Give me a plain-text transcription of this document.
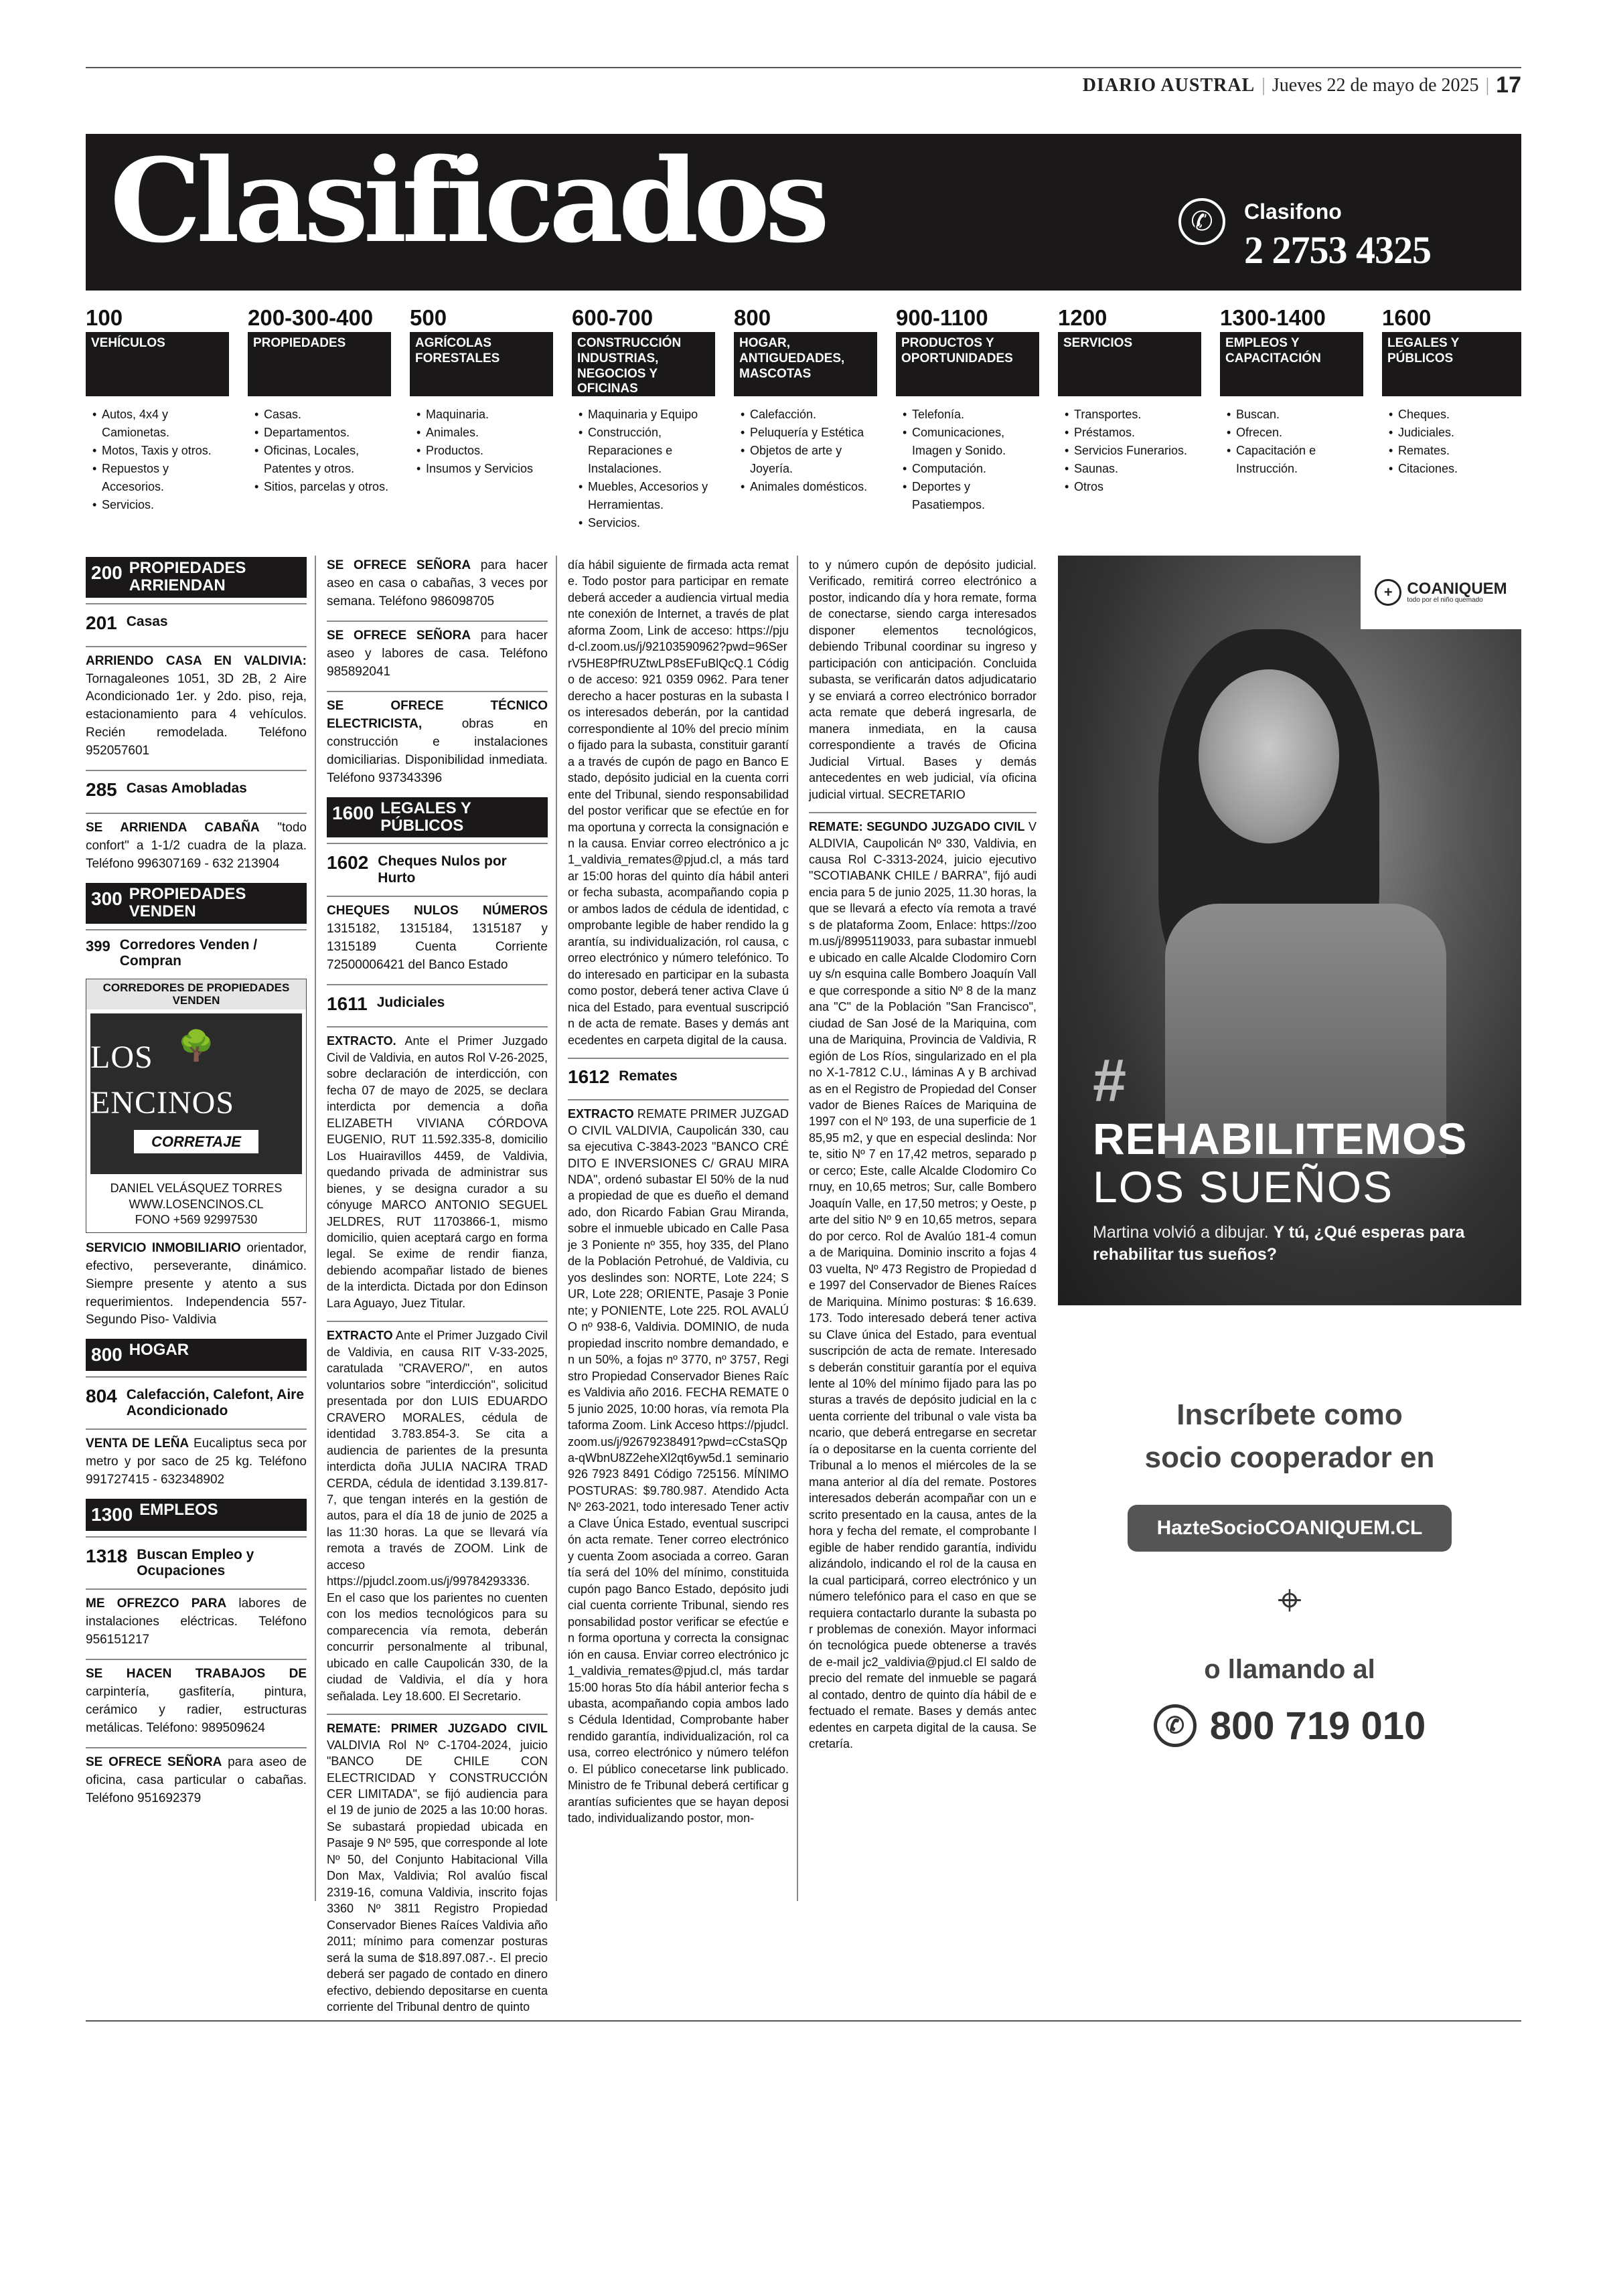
DIARIO AUSTRAL | Jueves 22 de mayo de 2025 | 17
Clasificados	✆	Clasifono
2 2753 4325
100
VEHÍCULOS
• Autos, 4x4 y Camionetas.
• Motos, Taxis y otros.
• Repuestos y Accesorios.
• Servicios.
200-300-400
PROPIEDADES
• Casas.
• Departamentos.
• Oficinas, Locales, Patentes y otros.
• Sitios, parcelas y otros.
500
AGRÍCOLAS FORESTALES
• Maquinaria.
• Animales.
• Productos.
• Insumos y Servicios
600-700
CONSTRUCCIÓN INDUSTRIAS, NEGOCIOS Y OFICINAS
• Maquinaria y Equipo
• Construcción, Reparaciones e Instalaciones.
• Muebles, Accesorios y Herramientas.
• Servicios.
800
HOGAR, ANTIGUEDADES, MASCOTAS
• Calefacción.
• Peluquería y Estética
• Objetos de arte y Joyería.
• Animales domésticos.
900-1100
PRODUCTOS Y OPORTUNIDADES
• Telefonía.
• Comunicaciones, Imagen y Sonido.
• Computación.
• Deportes y Pasatiempos.
1200
SERVICIOS
• Transportes.
• Préstamos.
• Servicios Funerarios.
• Saunas.
• Otros
1300-1400
EMPLEOS Y CAPACITACIÓN
• Buscan.
• Ofrecen.
• Capacitación e Instrucción.
1600
LEGALES Y PÚBLICOS
• Cheques.
• Judiciales.
• Remates.
• Citaciones.
200 PROPIEDADES ARRIENDAN
201 Casas

ARRIENDO CASA EN VALDIVIA: Tornagaleones 1051, 3D 2B, 2 Aire Acondicionado 1er. y 2do. piso, reja, estacionamiento para 4 vehículos. Recién remodelada. Teléfono 952057601

285 Casas Amobladas

SE ARRIENDA CABAÑA "todo confort" a 1-1/2 cuadra de la plaza. Teléfono 996307169 - 632 213904

300 PROPIEDADES VENDEN
399 Corredores Venden / Compran
CORREDORES DE PROPIEDADES VENDEN
🌳
LOS ENCINOS
CORRETAJE
DANIEL VELÁSQUEZ TORRES
WWW.LOSENCINOS.CL
FONO +569 92997530

SERVICIO INMOBILIARIO orientador, efectivo, perseverante, dinámico. Siempre presente y atento a sus requerimientos. Independencia 557- Segundo Piso- Valdivia

800 HOGAR
804 Calefacción, Calefont, Aire Acondicionado

VENTA DE LEÑA Eucaliptus seca por metro y por saco de 25 kg. Teléfono 991727415 - 632348902

1300 EMPLEOS
1318 Buscan Empleo y Ocupaciones

ME OFREZCO PARA labores de instalaciones eléctricas. Teléfono 956151217

SE HACEN TRABAJOS DE carpintería, gasfitería, pintura, cerámico y radier, estructuras metálicas. Teléfono: 989509624

SE OFRECE SEÑORA para aseo de oficina, casa particular o cabañas. Teléfono 951692379

SE OFRECE SEÑORA para hacer aseo en casa o cabañas, 3 veces por semana. Teléfono 986098705

SE OFRECE SEÑORA para hacer aseo y labores de casa. Teléfono 985892041

SE OFRECE TÉCNICO ELECTRICISTA, obras en construcción e instalaciones domiciliarias. Disponibilidad inmediata. Teléfono 937343396

1600 LEGALES Y PÚBLICOS
1602 Cheques Nulos por Hurto

CHEQUES NULOS NÚMEROS 1315182, 1315184, 1315187 y 1315189 Cuenta Corriente 72500006421 del Banco Estado

1611 Judiciales

EXTRACTO. Ante el Primer Juzgado Civil de Valdivia, en autos Rol V-26-2025, sobre declaración de interdicción, con fecha 07 de mayo de 2025, se declara interdicta por demencia a doña ELIZABETH VIVIANA CÓRDOVA EUGENIO, RUT 11.592.335-8, domicilio Los Huairavillos 4459, de Valdivia, quedando privada de administrar sus bienes, y se designa curador a su cónyuge MARCO ANTONIO SEGUEL JELDRES, RUT 11703866-1, mismo domicilio, quien aceptará cargo en forma legal. Se exime de rendir fianza, debiendo acompañar listado de bienes de la interdicta. Dictada por don Edinson Lara Aguayo, Juez Titular.

EXTRACTO Ante el Primer Juzgado Civil de Valdivia, en causa RIT V-33-2025, caratulada "CRAVERO/", en autos voluntarios sobre "interdicción", solicitud presentada por don LUIS EDUARDO CRAVERO MORALES, cédula de identidad 3.783.854-3. Se cita a audiencia de parientes de la presunta interdicta doña JULIA NACIRA TRAD CERDA, cédula de identidad 3.139.817-7, que tengan interés en la gestión de autos, para el día 18 de junio de 2025 a las 11:30 horas. La que se llevará vía remota a través de ZOOM. Link de acceso https://pjudcl.zoom.us/j/99784293336. En el caso que los parientes no cuenten con los medios tecnológicos para su comparecencia vía remota, deberán concurrir personalmente al tribunal, ubicado en calle Caupolicán 330, de la ciudad de Valdivia, el día y hora señalada. Ley 18.600. El Secretario.

REMATE: PRIMER JUZGADO CIVIL VALDIVIA Rol Nº C-1704-2024, juicio "BANCO DE CHILE CON ELECTRICIDAD Y CONSTRUCCIÓN CER LIMITADA", se fijó audiencia para el 19 de junio de 2025 a las 10:00 horas. Se subastará propiedad ubicada en Pasaje 9 Nº 595, que corresponde al lote Nº 50, del Conjunto Habitacional Villa Don Max, Valdivia; Rol avalúo fiscal 2319-16, comuna Valdivia, inscrito fojas 3360 Nº 3811 Registro Propiedad Conservador Bienes Raíces Valdivia año 2011; mínimo para comenzar posturas será la suma de $18.897.087.-. El precio deberá ser pagado de contado en dinero efectivo, debiendo depositarse en cuenta corriente del Tribunal dentro de quinto

día hábil siguiente de firmada acta remate. Todo postor para participar en remate deberá acceder a audiencia virtual mediante conexión de Internet, a través de plataforma Zoom, Link de acceso: https://pjud-cl.zoom.us/j/92103590962?pwd=96SerrV5HE8PfRUZtwLP8sEFuBlQcQ.1 Código de acceso: 921 0359 0962. Para tener derecho a hacer posturas en la subasta los interesados deberán, por la cantidad correspondiente al 10% del precio mínimo fijado para la subasta, constituir garantía a través de cupón de pago en Banco Estado, depósito judicial en la cuenta corriente del Tribunal, siendo responsabilidad del postor verificar que se efectúe en forma oportuna y correcta la consignación en la causa. Enviar correo electrónico a jc1_valdivia_remates@pjud.cl, a más tardar 15:00 horas del quinto día hábil anterior fecha subasta, acompañando copia por ambos lados de cédula de identidad, comprobante legible de haber rendido la garantía, su individualización, rol causa, correo electrónico y número telefónico. Todo interesado en participar en la subasta como postor, deberá tener activa Clave única del Estado, para eventual suscripción de acta de remate. Bases y demás antecedentes en carpeta digital de la causa.

1612 Remates

EXTRACTO REMATE PRIMER JUZGADO CIVIL VALDIVIA, Caupolicán 330, causa ejecutiva C-3843-2023 "BANCO CRÉDITO E INVERSIONES C/ GRAU MIRANDA", ordenó subastar El 50% de la nuda propiedad de que es dueño el demandado, don Ricardo Fabian Grau Miranda, sobre el inmueble ubicado en Calle Pasaje 3 Poniente nº 355, hoy 335, del Plano de la Población Petrohué, de Valdivia, cuyos deslindes son: NORTE, Lote 224; SUR, Lote 228; ORIENTE, Pasaje 3 Poniente; y PONIENTE, Lote 225. ROL AVALÚO nº 938-6, Valdivia. DOMINIO, de nuda propiedad inscrito nombre demandado, en un 50%, a fojas nº 3770, nº 3757, Registro Propiedad Conservador Bienes Raíces Valdivia año 2016. FECHA REMATE 05 junio 2025, 10:00 horas, vía remota Plataforma Zoom. Link Acceso https://pjudcl.zoom.us/j/92679238491?pwd=cCstaSQpa-qWbnU8Z2eheXl2qt6yw5d.1 seminario 926 7923 8491 Código 725156. MÍNIMO POSTURAS: $9.780.987. Atendido Acta Nº 263-2021, todo interesado Tener activa Clave Única Estado, eventual suscripción acta remate. Tener correo electrónico y cuenta Zoom asociada a correo. Garantía será del 10% del mínimo, constituida cupón pago Banco Estado, depósito judicial cuenta corriente Tribunal, siendo responsabilidad postor verificar se efectúe en forma oportuna y correcta la consignación en causa. Enviar correo electrónico jc1_valdivia_remates@pjud.cl, más tardar 15:00 horas 5to día hábil anterior fecha subasta, acompañando copia ambos lados Cédula Identidad, Comprobante haber rendido garantía, individualización, rol causa, correo electrónico y número teléfono. El público conecetarse link publicado. Ministro de fe Tribunal deberá certificar garantías suficientes que se hayan depositado, individualizando postor, mon-

to y número cupón de depósito judicial. Verificado, remitirá correo electrónico a postor, indicando día y hora remate, forma de conectarse, siendo carga interesados disponer elementos tecnológicos, debiendo Tribunal coordinar su ingreso y participación con anticipación. Concluida subasta, se verificarán datos adjudicatario y se enviará a correo electrónico borrador acta remate que deberá ingresarla, de manera inmediata, en la causa correspondiente a través de Oficina Judicial Virtual. Bases y demás antecedentes en web judicial, vía oficina judicial virtual. SECRETARIO

REMATE: SEGUNDO JUZGADO CIVIL VALDIVIA, Caupolicán Nº 330, Valdivia, en causa Rol C-3313-2024, juicio ejecutivo "SCOTIABANK CHILE / BARRA", fijó audiencia para 5 de junio 2025, 11.30 horas, la que se llevará a efecto vía remota a través de plataforma Zoom, Enlace: https://zoom.us/j/8995119033, para subastar inmueble ubicado en calle Alcalde Clodomiro Cornuy s/n esquina calle Bombero Joaquín Valle que corresponde a sitio Nº 8 de la manzana "C" de la Población "San Francisco", ciudad de San José de la Mariquina, comuna de Mariquina, Provincia de Valdivia, Región de Los Ríos, singularizado en el plano X-1-7812 C.U., láminas A y B archivadas en el Registro de Propiedad del Conservador de Bienes Raíces de Mariquina de 1997 con el Nº 193, de una superficie de 185,95 m2, y que en especial deslinda: Norte, sitio Nº 7 en 17,42 metros, separado por cerco; Este, calle Alcalde Clodomiro Cornuy, en 10,65 metros; Sur, calle Bombero Joaquín Valle, en 17,50 metros; y Oeste, parte del sitio Nº 9 en 10,65 metros, separado por cerco. Rol de Avalúo 181-4 comuna de Mariquina. Dominio inscrito a fojas 403 vuelta, Nº 473 Registro de Propiedad de 1997 del Conservador de Bienes Raíces de Mariquina. Mínimo posturas: $ 16.639.173. Todo interesado deberá tener activa su Clave única del Estado, para eventual suscripción de acta de remate. Interesados deberán constituir garantía por el equivalente al 10% del mínimo fijado para las posturas a través de depósito judicial en la cuenta corriente del tribunal o vale vista bancario, que deberá entregarse en secretaría o depositarse en la cuenta corriente del Tribunal a lo menos el miércoles de la semana anterior al día del remate. Postores interesados deberán acompañar con un escrito presentado en la causa, antes de la hora y fecha del remate, el comprobante legible de haber rendido garantía, individualizándolo, indicando el rol de la causa en la cual participará, correo electrónico y un número telefónico para el caso en que se requiera contactarlo durante la subasta por problemas de conexión. Mayor información tecnológica puede obtenerse a través de e-mail jc2_valdivia@pjud.cl El saldo de precio del remate del inmueble se pagará al contado, dentro de quinto día hábil de efectuado el remate. Bases y demás antecedentes en carpeta digital de la causa. Secretaría.

+ COANIQUEM
todo por el niño quemado
#
REHABILITEMOS
LOS SUEÑOS
Martina volvió a dibujar. Y tú, ¿Qué esperas para rehabilitar tus sueños?
Inscríbete como
socio cooperador en
HazteSocioCOANIQUEM.CL
⌖
o llamando al
✆ 800 719 010
